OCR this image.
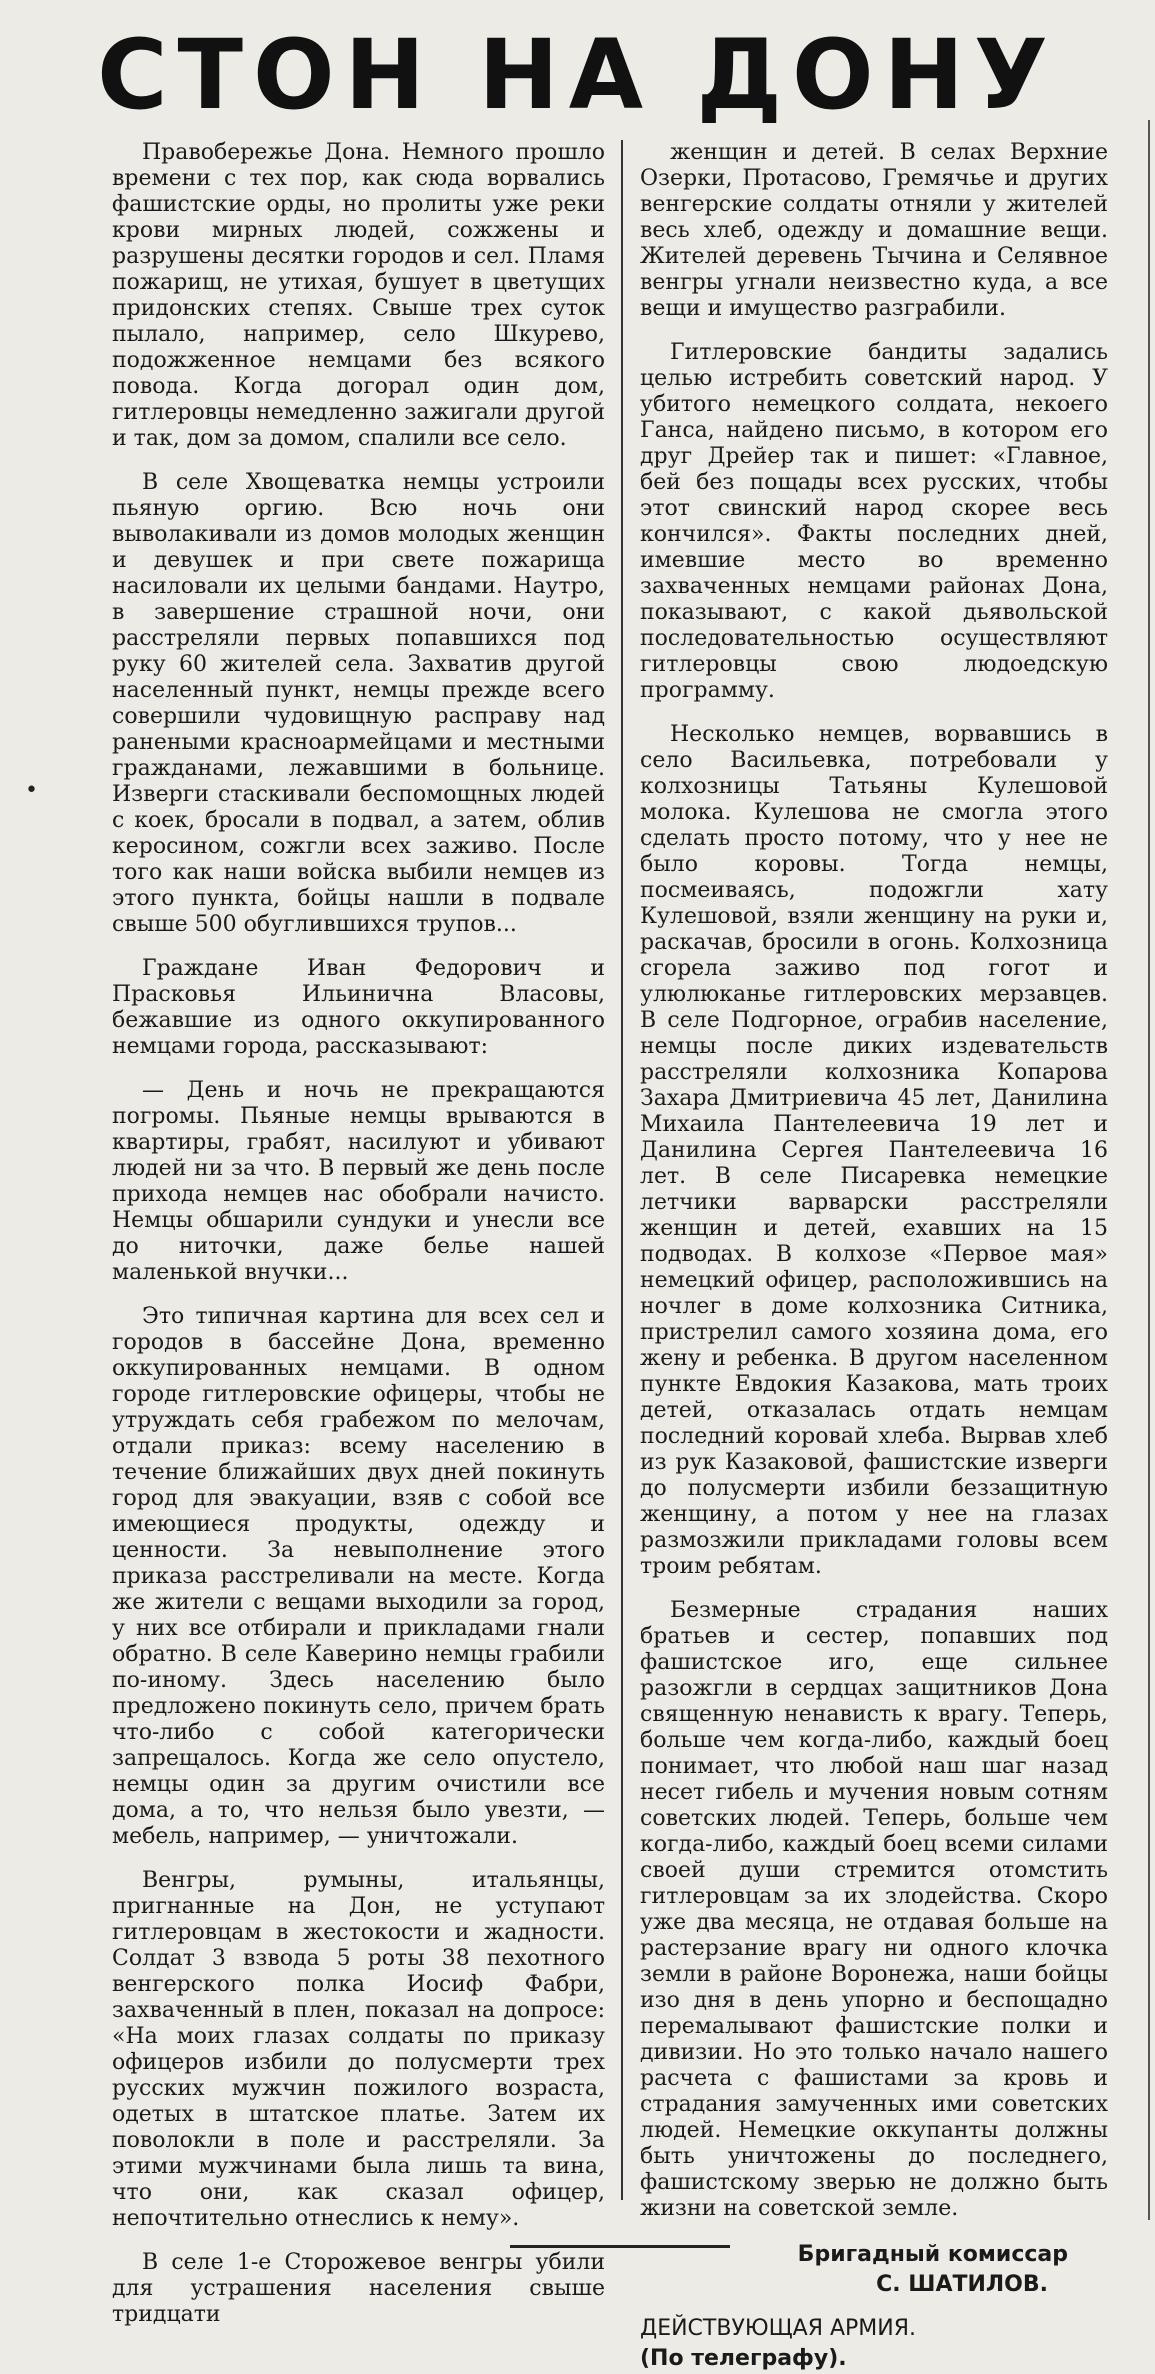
СТОН НА ДОНУ

Правобережье Дона. Немного прошло времени с тех пор, как сюда ворвались фашистские орды, но пролиты уже реки крови мирных людей, сожжены и разрушены десятки городов и сел. Пламя пожарищ, не утихая, бушует в цветущих придонских степях. Свыше трех суток пылало, например, село Шкурево, подожженное немцами без всякого повода. Когда догорал один дом, гитлеровцы немедленно зажигали другой и так, дом за домом, спалили все село.

В селе Хвощеватка немцы устроили пьяную оргию. Всю ночь они выволакивали из домов молодых женщин и девушек и при свете пожарища насиловали их целыми бандами. Наутро, в завершение страшной ночи, они расстреляли первых попавшихся под руку 60 жителей села. Захватив другой населенный пункт, немцы прежде всего совершили чудовищную расправу над ранеными красноармейцами и местными гражданами, лежавшими в больнице. Изверги стаскивали беспомощных людей с коек, бросали в подвал, а затем, облив керосином, сожгли всех заживо. После того как наши войска выбили немцев из этого пункта, бойцы нашли в подвале свыше 500 обуглившихся трупов...

Граждане Иван Федорович и Прасковья Ильинична Власовы, бежавшие из одного оккупированного немцами города, рассказывают:

— День и ночь не прекращаются погромы. Пьяные немцы врываются в квартиры, грабят, насилуют и убивают людей ни за что. В первый же день после прихода немцев нас обобрали начисто. Немцы обшарили сундуки и унесли все до ниточки, даже белье нашей маленькой внучки...

Это типичная картина для всех сел и городов в бассейне Дона, временно оккупированных немцами. В одном городе гитлеровские офицеры, чтобы не утруждать себя грабежом по мелочам, отдали приказ: всему населению в течение ближайших двух дней покинуть город для эвакуации, взяв с собой все имеющиеся продукты, одежду и ценности. За невыполнение этого приказа расстреливали на месте. Когда же жители с вещами выходили за город, у них все отбирали и прикладами гнали обратно. В селе Каверино немцы грабили по-иному. Здесь населению было предложено покинуть село, причем брать что-либо с собой категорически запрещалось. Когда же село опустело, немцы один за другим очистили все дома, а то, что нельзя было увезти, — мебель, например, — уничтожали.

Венгры, румыны, итальянцы, пригнанные на Дон, не уступают гитлеровцам в жестокости и жадности. Солдат 3 взвода 5 роты 38 пехотного венгерского полка Иосиф Фабри, захваченный в плен, показал на допросе: «На моих глазах солдаты по приказу офицеров избили до полусмерти трех русских мужчин пожилого возраста, одетых в штатское платье. Затем их поволокли в поле и расстреляли. За этими мужчинами была лишь та вина, что они, как сказал офицер, непочтительно отнеслись к нему».

В селе 1-е Сторожевое венгры убили для устрашения населения свыше тридцати

женщин и детей. В селах Верхние Озерки, Протасово, Гремячье и других венгерские солдаты отняли у жителей весь хлеб, одежду и домашние вещи. Жителей деревень Тычина и Селявное венгры угнали неизвестно куда, а все вещи и имущество разграбили.

Гитлеровские бандиты задались целью истребить советский народ. У убитого немецкого солдата, некоего Ганса, найдено письмо, в котором его друг Дрейер так и пишет: «Главное, бей без пощады всех русских, чтобы этот свинский народ скорее весь кончился». Факты последних дней, имевшие место во временно захваченных немцами районах Дона, показывают, с какой дьявольской последовательностью осуществляют гитлеровцы свою людоедскую программу.

Несколько немцев, ворвавшись в село Васильевка, потребовали у колхозницы Татьяны Кулешовой молока. Кулешова не смогла этого сделать просто потому, что у нее не было коровы. Тогда немцы, посмеиваясь, подожгли хату Кулешовой, взяли женщину на руки и, раскачав, бросили в огонь. Колхозница сгорела заживо под гогот и улюлюканье гитлеровских мерзавцев. В селе Подгорное, ограбив население, немцы после диких издевательств расстреляли колхозника Копарова Захара Дмитриевича 45 лет, Данилина Михаила Пантелеевича 19 лет и Данилина Сергея Пантелеевича 16 лет. В селе Писаревка немецкие летчики варварски расстреляли женщин и детей, ехавших на 15 подводах. В колхозе «Первое мая» немецкий офицер, расположившись на ночлег в доме колхозника Ситника, пристрелил самого хозяина дома, его жену и ребенка. В другом населенном пункте Евдокия Казакова, мать троих детей, отказалась отдать немцам последний коровай хлеба. Вырвав хлеб из рук Казаковой, фашистские изверги до полусмерти избили беззащитную женщину, а потом у нее на глазах размозжили прикладами головы всем троим ребятам.

Безмерные страдания наших братьев и сестер, попавших под фашистское иго, еще сильнее разожгли в сердцах защитников Дона священную ненависть к врагу. Теперь, больше чем когда-либо, каждый боец понимает, что любой наш шаг назад несет гибель и мучения новым сотням советских людей. Теперь, больше чем когда-либо, каждый боец всеми силами своей души стремится отомстить гитлеровцам за их злодейства. Скоро уже два месяца, не отдавая больше на растерзание врагу ни одного клочка земли в районе Воронежа, наши бойцы изо дня в день упорно и беспощадно перемалывают фашистские полки и дивизии. Но это только начало нашего расчета с фашистами за кровь и страдания замученных ими советских людей. Немецкие оккупанты должны быть уничтожены до последнего, фашистскому зверью не должно быть жизни на советской земле.

Бригадный комиссар
С. ШАТИЛОВ.
ДЕЙСТВУЮЩАЯ АРМИЯ.
(По телеграфу).
•
